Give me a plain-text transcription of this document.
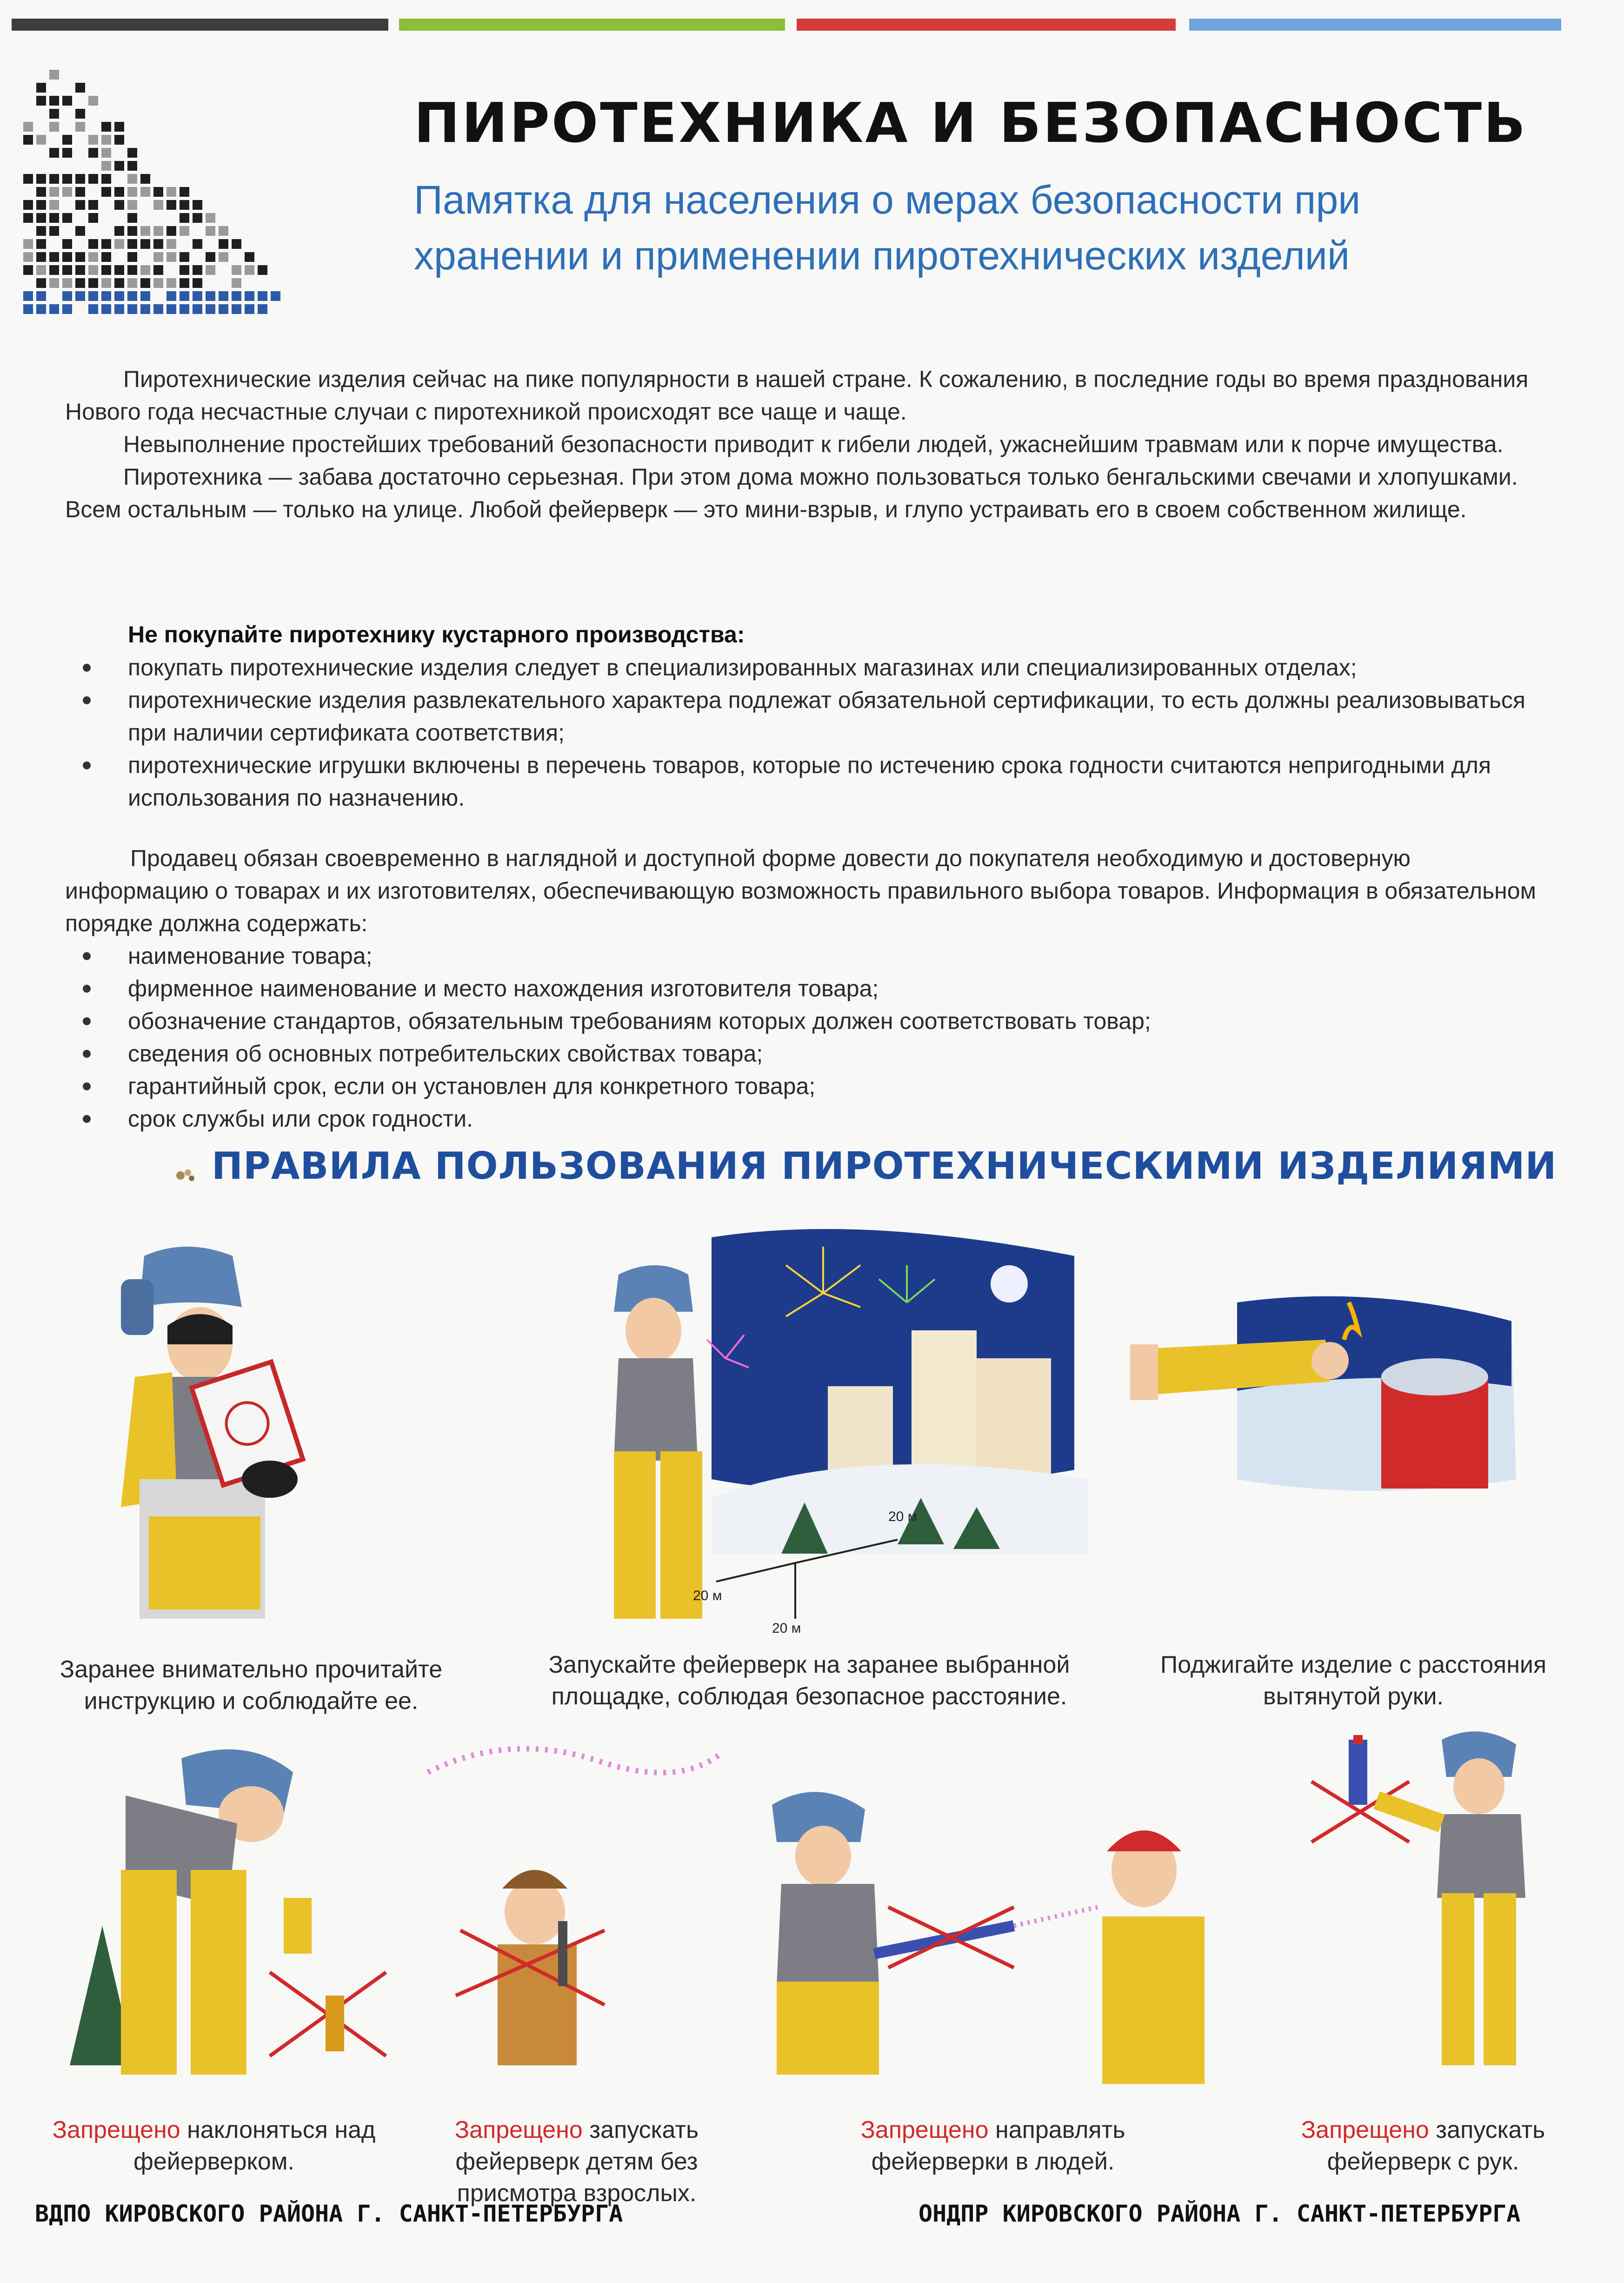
ПИРОТЕХНИКА И БЕЗОПАСНОСТЬ
Памятка для населения о мерах безопасности при хранении и применении пиротехнических изделий

Пиротехнические изделия сейчас на пике популярности в нашей стране. К сожалению, в последние годы во время празднования Нового года несчастные случаи с пиротехникой происходят все чаще и чаще.

Невыполнение простейших требований безопасности приводит к гибели людей, ужаснейшим травмам или к порче имущества.

Пиротехника — забава достаточно серьезная. При этом дома можно пользоваться только бенгальскими свечами и хлопушками. Всем остальным — только на улице. Любой фейерверк — это мини-взрыв, и глупо устраивать его в своем собственном жилище.

Не покупайте пиротехнику кустарного производства:
покупать пиротехнические изделия следует в специализированных магазинах или специализированных отделах;
пиротехнические изделия развлекательного характера подлежат обязательной сертификации, то есть должны реализовываться при наличии сертификата соответствия;
пиротехнические игрушки включены в перечень товаров, которые по истечению срока годности считаются непригодными для использования по назначению.

Продавец обязан своевременно в наглядной и доступной форме довести до покупателя необходимую и достоверную информацию о товарах и их изготовителях, обеспечивающую возможность правильного выбора товаров. Информация в обязательном порядке должна содержать:

наименование товара;
фирменное наименование и место нахождения изготовителя товара;
обозначение стандартов, обязательным требованиям которых должен соответствовать товар;
сведения об основных потребительских свойствах товара;
гарантийный срок, если он установлен для конкретного товара;
срок службы или срок годности.
ПРАВИЛА ПОЛЬЗОВАНИЯ ПИРОТЕХНИЧЕСКИМИ ИЗДЕЛИЯМИ
20 м
20 м
20 м
Заранее внимательно прочитайте инструкцию и соблюдайте ее.
Запускайте фейерверк на заранее выбранной площадке, соблюдая безопасное расстояние.
Поджигайте изделие с расстояния вытянутой руки.
Запрещено наклоняться над фейерверком.
Запрещено запускать фейерверк детям без присмотра взрослых.
Запрещено направлять фейерверки в людей.
Запрещено запускать фейерверк с рук.
ВДПО КИРОВСКОГО РАЙОНА Г. САНКТ-ПЕТЕРБУРГА	ОНДПР КИРОВСКОГО РАЙОНА Г. САНКТ-ПЕТЕРБУРГА
